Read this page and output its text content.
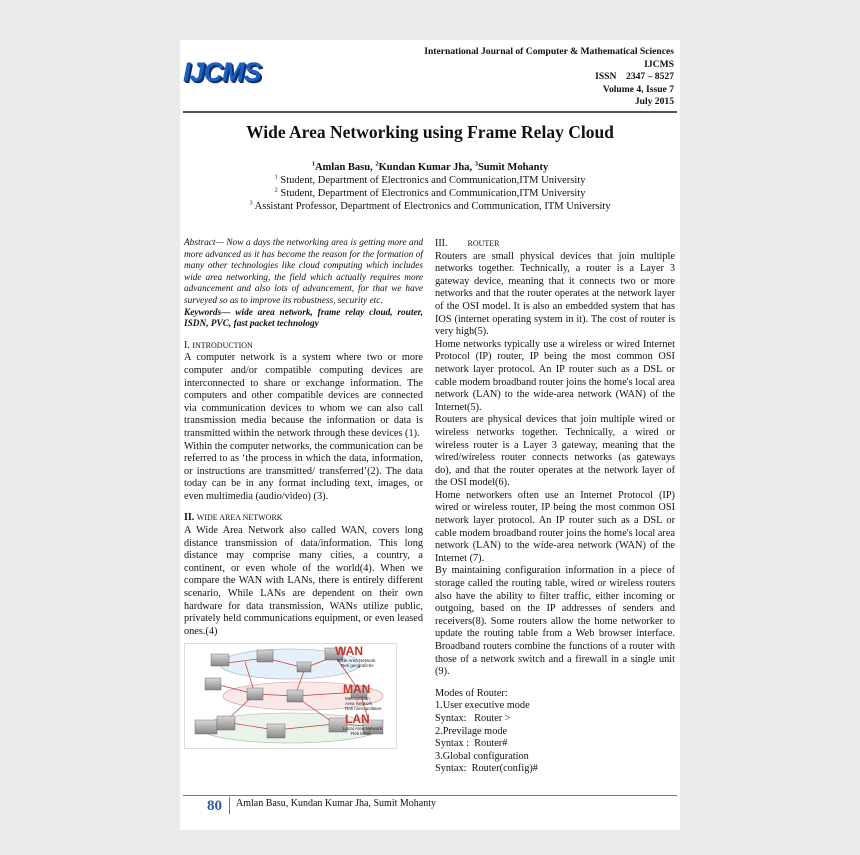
IJCMS
International Journal of Computer & Mathematical Sciences
IJCMS
ISSN    2347 – 8527
Volume 4, Issue 7
July 2015
Wide Area Networking using Frame Relay Cloud
$^1$Amlan Basu, $^2$Kundan Kumar Jha, $^3$Sumit Mohanty
$^1$ Student, Department of Electronics and Communication,ITM University
$^2$ Student, Department of Electronics and Communication,ITM University
$^3$ Assistant Professor, Department of Electronics and Communication, ITM University

Abstract— Now a days the networking area is getting more and more advanced as it has become the reason for the formation of many other technologies like cloud computing which includes wide area networking, the field which actually requires more advancement and also lots of advancement, for that we have surveyed so as to improve its robustness, security etc.

Keywords— wide area network, frame relay cloud, router, ISDN, PVC, fast packet technology

I. INTRODUCTION

A computer network is a system where two or more computer and/or compatible computing devices are interconnected to share or exchange information. The computers and other compatible devices are connected via communication devices to whom we can also call transmission media because the information or data is transmitted within the network through these devices (1).

Within the computer networks, the communication can be referred to as ‘the process in which the data, information, or instructions are transmitted/ transferred’(2). The data today can be in any format including text, images, or even multimedia (audio/video) (3).

II. WIDE AREA NETWORK

A Wide Area Network also called WAN, covers long distance transmission of data/information. This long distance may comprise many cities, a country, a continent, or even whole of the world(4). When we compare the WAN with LANs, there is entirely different scenario, While LANs are dependent on their own hardware for data transmission, WANs utilize public, privately held communications equipment, or even leased ones.(4)

WAN
Wide Area Network
Reti geografiche
MAN
Metropolitan
Area Network
Reti metropolitane
LAN
Local Area Network
Reti locali

III.	ROUTER

Routers are small physical devices that join multiple networks together. Technically, a router is a Layer 3 gateway device, meaning that it connects two or more networks and that the router operates at the network layer of the OSI model. It is also an embedded system that has IOS (internet operating system in it). The cost of router is very high(5).

Home networks typically use a wireless or wired Internet Protocol (IP) router, IP being the most common OSI network layer protocol. An IP router such as a DSL or cable modem broadband router joins the home's local area network (LAN) to the wide-area network (WAN) of the Internet(5).

Routers are physical devices that join multiple wired or wireless networks together. Technically, a wired or wireless router is a Layer 3 gateway, meaning that the wired/wireless router connects networks (as gateways do), and that the router operates at the network layer of the OSI model(6).

Home networkers often use an Internet Protocol (IP) wired or wireless router, IP being the most common OSI network layer protocol. An IP router such as a DSL or cable modem broadband router joins the home's local area network (LAN) to the wide-area network (WAN) of the Internet (7).

By maintaining configuration information in a piece of storage called the routing table, wired or wireless routers also have the ability to filter traffic, either incoming or outgoing, based on the IP addresses of senders and receivers(8). Some routers allow the home networker to update the routing table from a Web browser interface. Broadband routers combine the functions of a router with those of a network switch and a firewall in a single unit (9).

Modes of Router:
1.User executive mode
Syntax:   Router >
2.Previlage mode
Syntax :  Router#
3.Global configuration
Syntax:  Router(config)#
80 Amlan Basu, Kundan Kumar Jha, Sumit Mohanty
